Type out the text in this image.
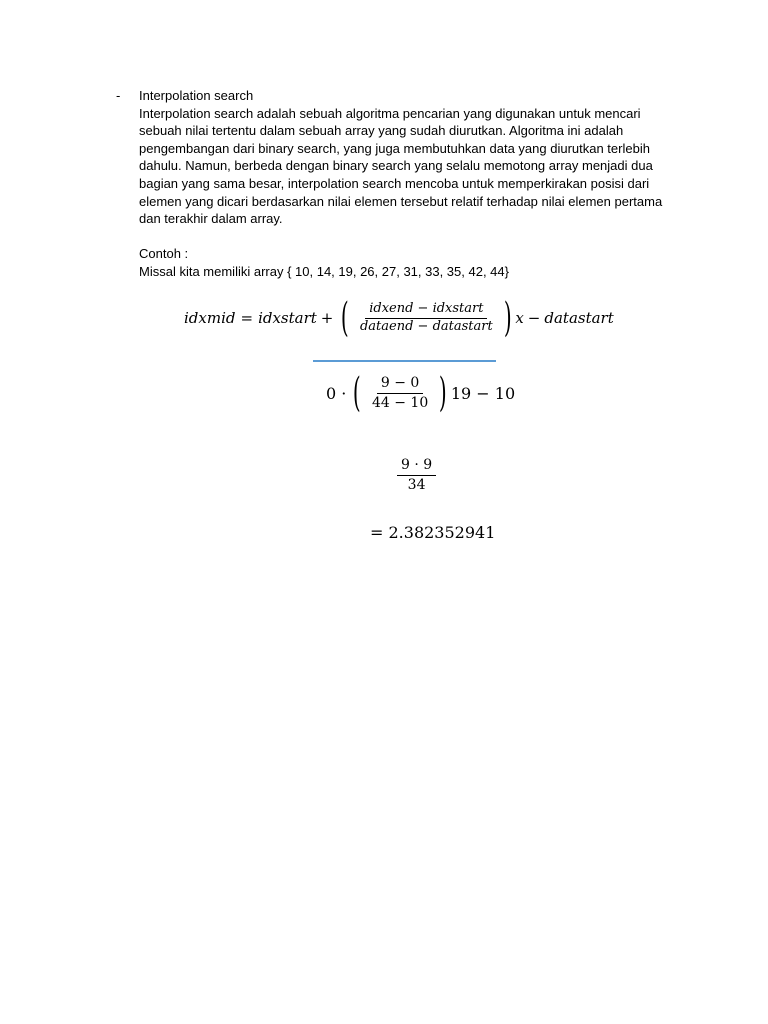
- Interpolation search
Interpolation search adalah sebuah algoritma pencarian yang digunakan untuk mencari
sebuah nilai tertentu dalam sebuah array yang sudah diurutkan. Algoritma ini adalah
pengembangan dari binary search, yang juga membutuhkan data yang diurutkan terlebih
dahulu. Namun, berbeda dengan binary search yang selalu memotong array menjadi dua
bagian yang sama besar, interpolation search mencoba untuk memperkirakan posisi dari
elemen yang dicari berdasarkan nilai elemen tersebut relatif terhadap nilai elemen pertama
dan terakhir dalam array.
Contoh :
Missal kita memiliki array { 10, 14, 19, 26, 27, 31, 33, 35, 42, 44}
idxmid = idxstart + ( $\frac{\text{idxend − idxstart}}{\text{dataend − datastart}}$ ) x − datastart
0 · ( $\frac{9 - 0}{44 - 10}$ ) 19 − 10
$\frac{9 \cdot 9}{34}$
= 2.382352941
